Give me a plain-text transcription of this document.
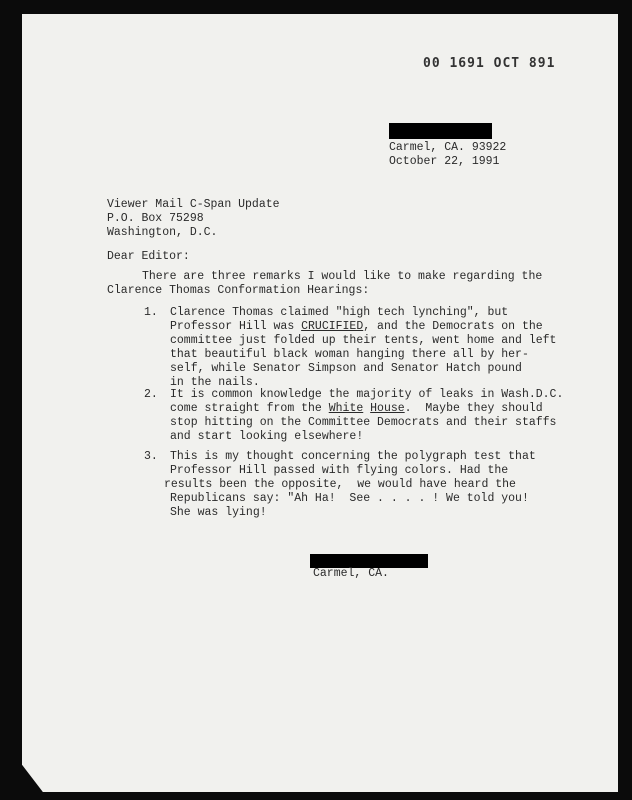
00 1691 OCT 891
Carmel, CA. 93922
October 22, 1991
Viewer Mail C-Span Update
P.O. Box 75298
Washington, D.C.
Dear Editor:
There are three remarks I would like to make regarding the
Clarence Thomas Conformation Hearings:
1. Clarence Thomas claimed "high tech lynching", but
Professor Hill was CRUCIFIED, and the Democrats on the
committee just folded up their tents, went home and left
that beautiful black woman hanging there all by her-
self, while Senator Simpson and Senator Hatch pound
in the nails.
2. It is common knowledge the majority of leaks in Wash.D.C.
come straight from the White House.  Maybe they should
stop hitting on the Committee Democrats and their staffs
and start looking elsewhere!
3. This is my thought concerning the polygraph test that
Professor Hill passed with flying colors. Had the
results been the opposite,  we would have heard the
Republicans say: "Ah Ha!  See . . . . ! We told you!
She was lying!
Carmel, CA.
